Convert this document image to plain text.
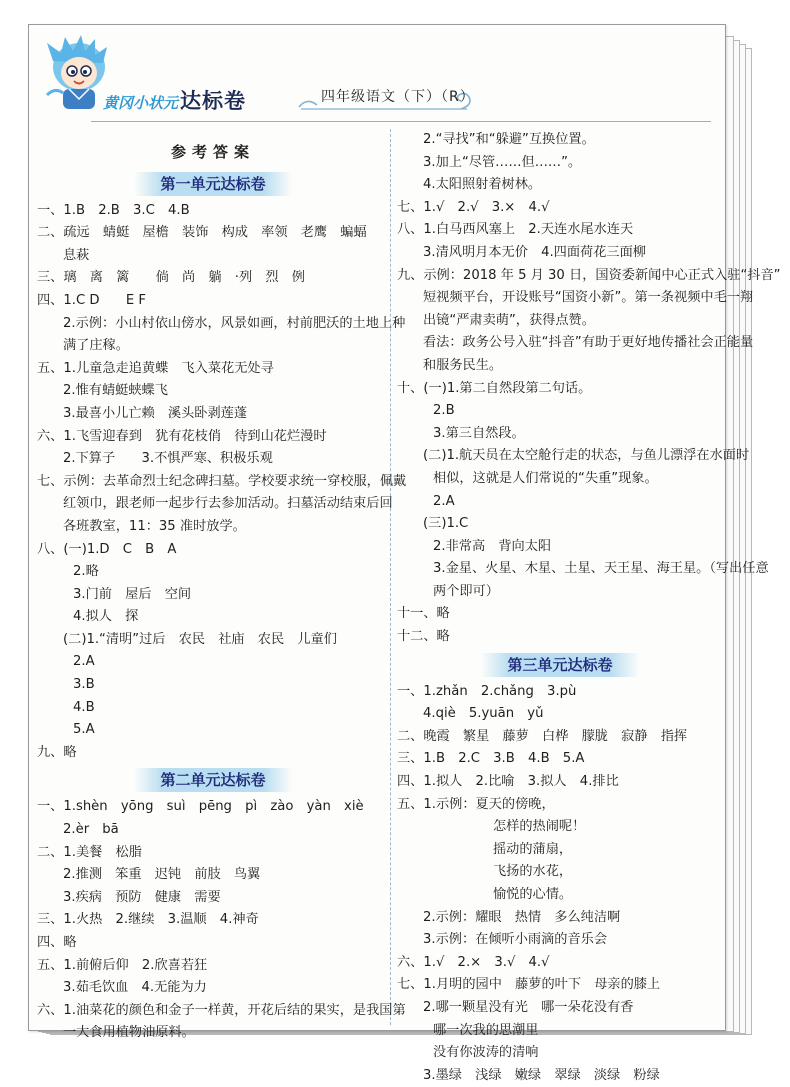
黄冈小状元达标卷	四年级语文（下）（R）
参考答案
第一单元达标卷
一、1.B　2.B　3.C　4.B
二、疏远　蜻蜓　屋檐　装饰　构成　率领　老鹰　蝙蝠
息萩
三、璃　离　篱　　倘　尚　躺　·列　烈　例
四、1.C D　　E F
2.示例：小山村依山傍水，风景如画，村前肥沃的土地上种
满了庄稼。
五、1.儿童急走追黄蝶　飞入菜花无处寻
2.惟有蜻蜓蛱蝶飞
3.最喜小儿亡赖　溪头卧剥莲蓬
六、1.飞雪迎春到　犹有花枝俏　待到山花烂漫时
2.下算子　　3.不惧严寒、积极乐观
七、示例：去革命烈士纪念碑扫墓。学校要求统一穿校服，佩戴
红领巾，跟老师一起步行去参加活动。扫墓活动结束后回
各班教室，11：35 准时放学。
八、(一)1.D　C　B　A
2.略
3.门前　屋后　空间
4.拟人　探
(二)1.“清明”过后　农民　社庙　农民　儿童们
2.A
3.B
4.B
5.A
九、略
第二单元达标卷
一、1.shèn　yōng　suì　pēng　pì　zào　yàn　xiè
2.èr　bā
二、1.美餐　松脂
2.推测　笨重　迟钝　前肢　鸟翼
3.疾病　预防　健康　需要
三、1.火热　2.继续　3.温顺　4.神奇
四、略
五、1.前俯后仰　2.欣喜若狂
3.茹毛饮血　4.无能为力
六、1.油菜花的颜色和金子一样黄，开花后结的果实，是我国第
一大食用植物油原料。
2.“寻找”和“躲避”互换位置。
3.加上“尽管……但……”。
4.太阳照射着树林。
七、1.√　2.√　3.×　4.√
八、1.白马西风塞上　2.天连水尾水连天
3.清风明月本无价　4.四面荷花三面柳
九、示例：2018 年 5 月 30 日，国资委新闻中心正式入驻“抖音”
短视频平台，开设账号“国资小新”。第一条视频中毛一翔
出镜“严肃卖萌”，获得点赞。
看法：政务公号入驻“抖音”有助于更好地传播社会正能量
和服务民生。
十、(一)1.第二自然段第二句话。
2.B
3.第三自然段。
(二)1.航天员在太空舱行走的状态，与鱼儿漂浮在水面时
相似，这就是人们常说的“失重”现象。
2.A
(三)1.C
2.非常高　背向太阳
3.金星、火星、木星、土星、天王星、海王星。（写出任意
两个即可）
十一、略
十二、略
第三单元达标卷
一、1.zhǎn　2.chǎng　3.pù
4.qiè　5.yuān　yǔ
二、晚霞　繁星　藤萝　白桦　朦胧　寂静　指挥
三、1.B　2.C　3.B　4.B　5.A
四、1.拟人　2.比喻　3.拟人　4.排比
五、1.示例：夏天的傍晚，
怎样的热闹呢！
摇动的蒲扇，
飞扬的水花，
愉悦的心情。
2.示例：耀眼　热情　多么纯洁啊
3.示例：在倾听小雨滴的音乐会
六、1.√　2.×　3.√　4.√
七、1.月明的园中　藤萝的叶下　母亲的膝上
2.哪一颗星没有光　哪一朵花没有香
哪一次我的思潮里
没有你波涛的清响
3.墨绿　浅绿　嫩绿　翠绿　淡绿　粉绿
